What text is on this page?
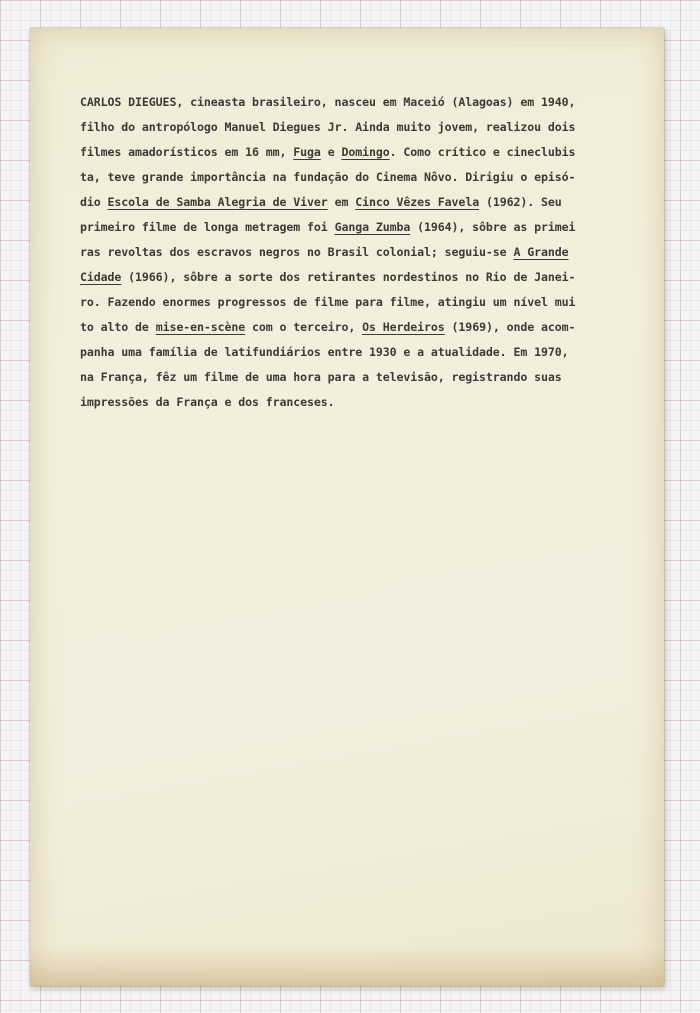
CARLOS DIEGUES, cineasta brasileiro, nasceu em Maceió (Alagoas) em 1940,
filho do antropólogo Manuel Diegues Jr. Ainda muito jovem, realizou dois
filmes amadorísticos em 16 mm, Fuga e Domingo. Como crítico e cineclubis
ta, teve grande importância na fundação do Cinema Nôvo. Dirigiu o episó-
dio Escola de Samba Alegria de Viver em Cinco Vêzes Favela (1962). Seu
primeiro filme de longa metragem foi Ganga Zumba (1964), sôbre as primei
ras revoltas dos escravos negros no Brasil colonial; seguiu-se A Grande
Cidade (1966), sôbre a sorte dos retirantes nordestinos no Rio de Janei-
ro. Fazendo enormes progressos de filme para filme, atingiu um nível mui
to alto de mise-en-scène com o terceiro, Os Herdeiros (1969), onde acom-
panha uma família de latifundiários entre 1930 e a atualidade. Em 1970,
na França, fêz um filme de uma hora para a televisão, registrando suas
impressões da França e dos franceses.
